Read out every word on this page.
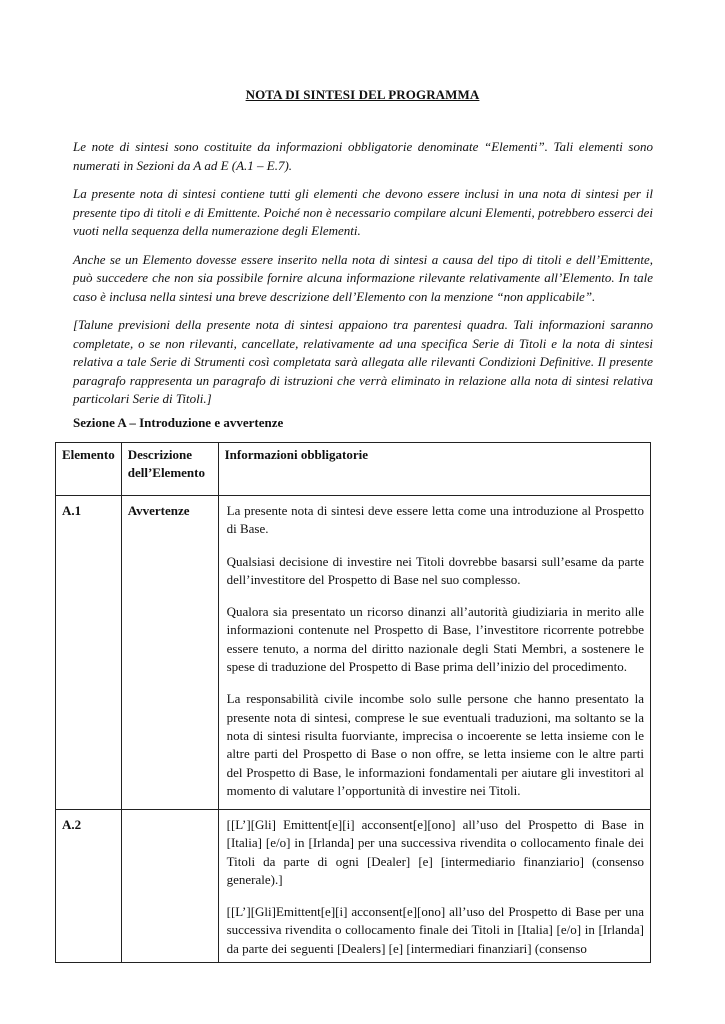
NOTA DI SINTESI DEL PROGRAMMA

Le note di sintesi sono costituite da informazioni obbligatorie denominate “Elementi”. Tali elementi sono numerati in Sezioni da A ad E (A.1 – E.7).

La presente nota di sintesi contiene tutti gli elementi che devono essere inclusi in una nota di sintesi per il presente tipo di titoli e di Emittente. Poiché non è necessario compilare alcuni Elementi, potrebbero esserci dei vuoti nella sequenza della numerazione degli Elementi.

Anche se un Elemento dovesse essere inserito nella nota di sintesi a causa del tipo di titoli e dell’Emittente, può succedere che non sia possibile fornire alcuna informazione rilevante relativamente all’Elemento. In tale caso è inclusa nella sintesi una breve descrizione dell’Elemento con la menzione “non applicabile”.

[Talune previsioni della presente nota di sintesi appaiono tra parentesi quadra. Tali informazioni saranno completate, o se non rilevanti, cancellate, relativamente ad una specifica Serie di Titoli e la nota di sintesi relativa a tale Serie di Strumenti così completata sarà allegata alle rilevanti Condizioni Definitive. Il presente paragrafo rappresenta un paragrafo di istruzioni che verrà eliminato in relazione alla nota di sintesi relativa particolari Serie di Titoli.]

Sezione A – Introduzione e avvertenze
Elemento	Descrizione dell’Elemento	Informazioni obbligatorie

A.1	Avvertenze	La presente nota di sintesi deve essere letta come una introduzione al Prospetto di Base.

Qualsiasi decisione di investire nei Titoli dovrebbe basarsi sull’esame da parte dell’investitore del Prospetto di Base nel suo complesso.

Qualora sia presentato un ricorso dinanzi all’autorità giudiziaria in merito alle informazioni contenute nel Prospetto di Base, l’investitore ricorrente potrebbe essere tenuto, a norma del diritto nazionale degli Stati Membri, a sostenere le spese di traduzione del Prospetto di Base prima dell’inizio del procedimento.

La responsabilità civile incombe solo sulle persone che hanno presentato la presente nota di sintesi, comprese le sue eventuali traduzioni, ma soltanto se la nota di sintesi risulta fuorviante, imprecisa o incoerente se letta insieme con le altre parti del Prospetto di Base o non offre, se letta insieme con le altre parti del Prospetto di Base, le informazioni fondamentali per aiutare gli investitori al momento di valutare l’opportunità di investire nei Titoli.

A.2		[[L’][Gli] Emittent[e][i] acconsent[e][ono] all’uso del Prospetto di Base in [Italia] [e/o] in [Irlanda] per una successiva rivendita o collocamento finale dei Titoli da parte di ogni [Dealer] [e] [intermediario finanziario] (consenso generale).]

[[L’][Gli]Emittent[e][i] acconsent[e][ono] all’uso del Prospetto di Base per una successiva rivendita o collocamento finale dei Titoli in [Italia] [e/o] in [Irlanda] da parte dei seguenti [Dealers] [e] [intermediari finanziari] (consenso
